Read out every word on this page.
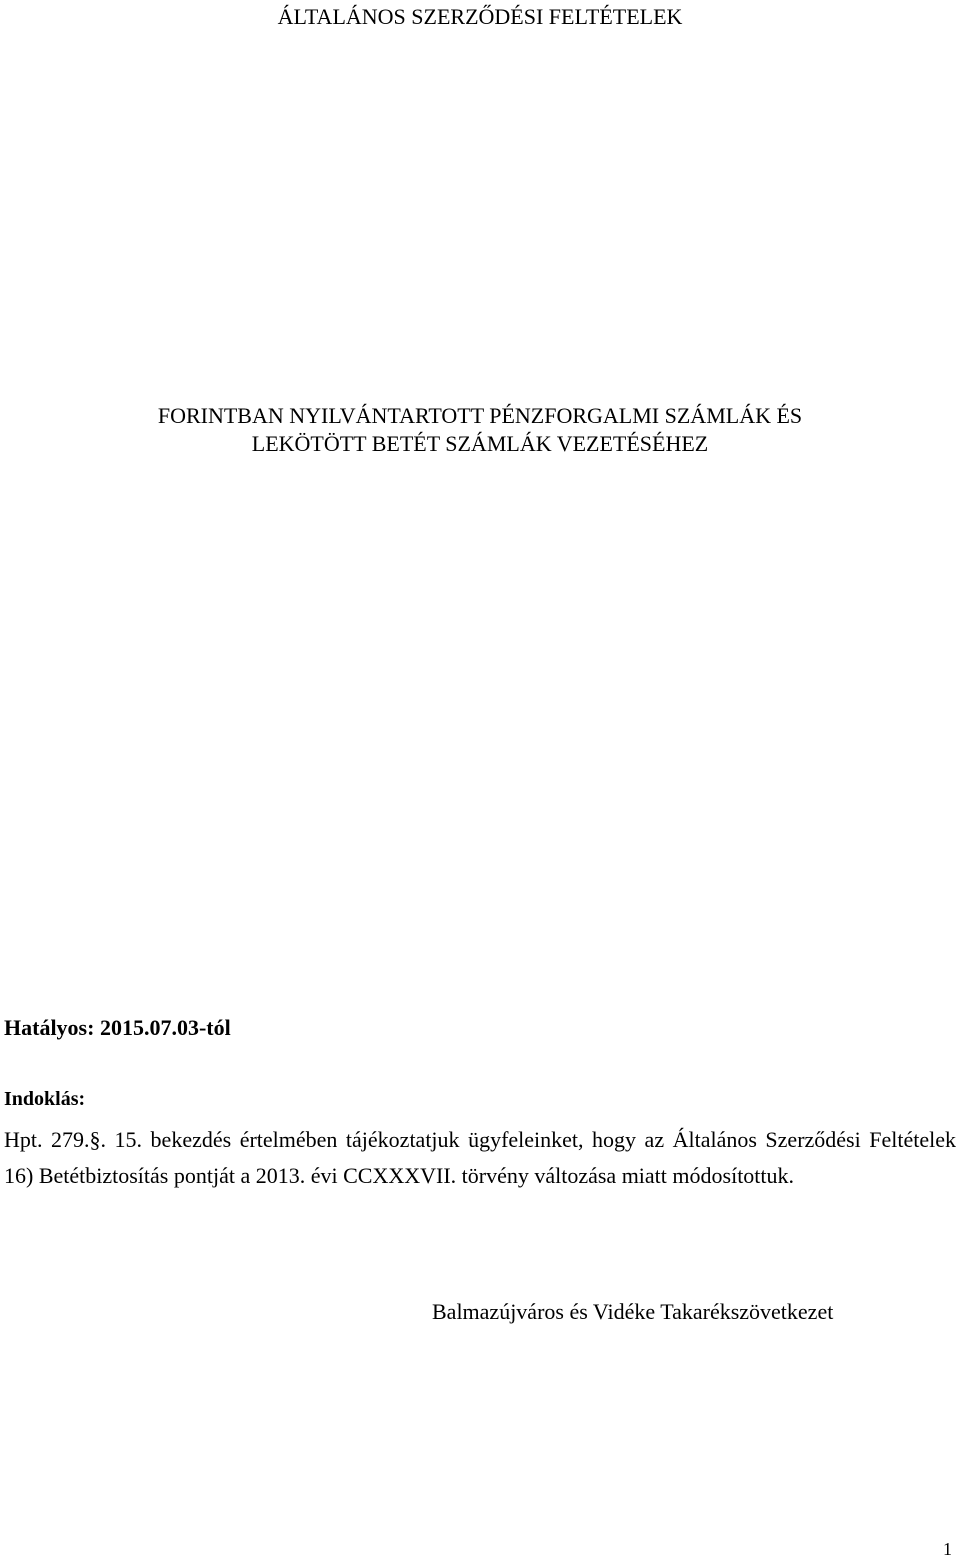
ÁLTALÁNOS SZERZŐDÉSI FELTÉTELEK
FORINTBAN NYILVÁNTARTOTT PÉNZFORGALMI SZÁMLÁK ÉS
LEKÖTÖTT BETÉT SZÁMLÁK VEZETÉSÉHEZ
Hatályos: 2015.07.03-tól
Indoklás:

Hpt. 279.§. 15. bekezdés értelmében tájékoztatjuk ügyfeleinket, hogy az Általános Szerződési Feltételek 16) Betétbiztosítás pontját a 2013. évi CCXXXVII. törvény változása miatt módosítottuk.

Balmazújváros és Vidéke Takarékszövetkezet
1
